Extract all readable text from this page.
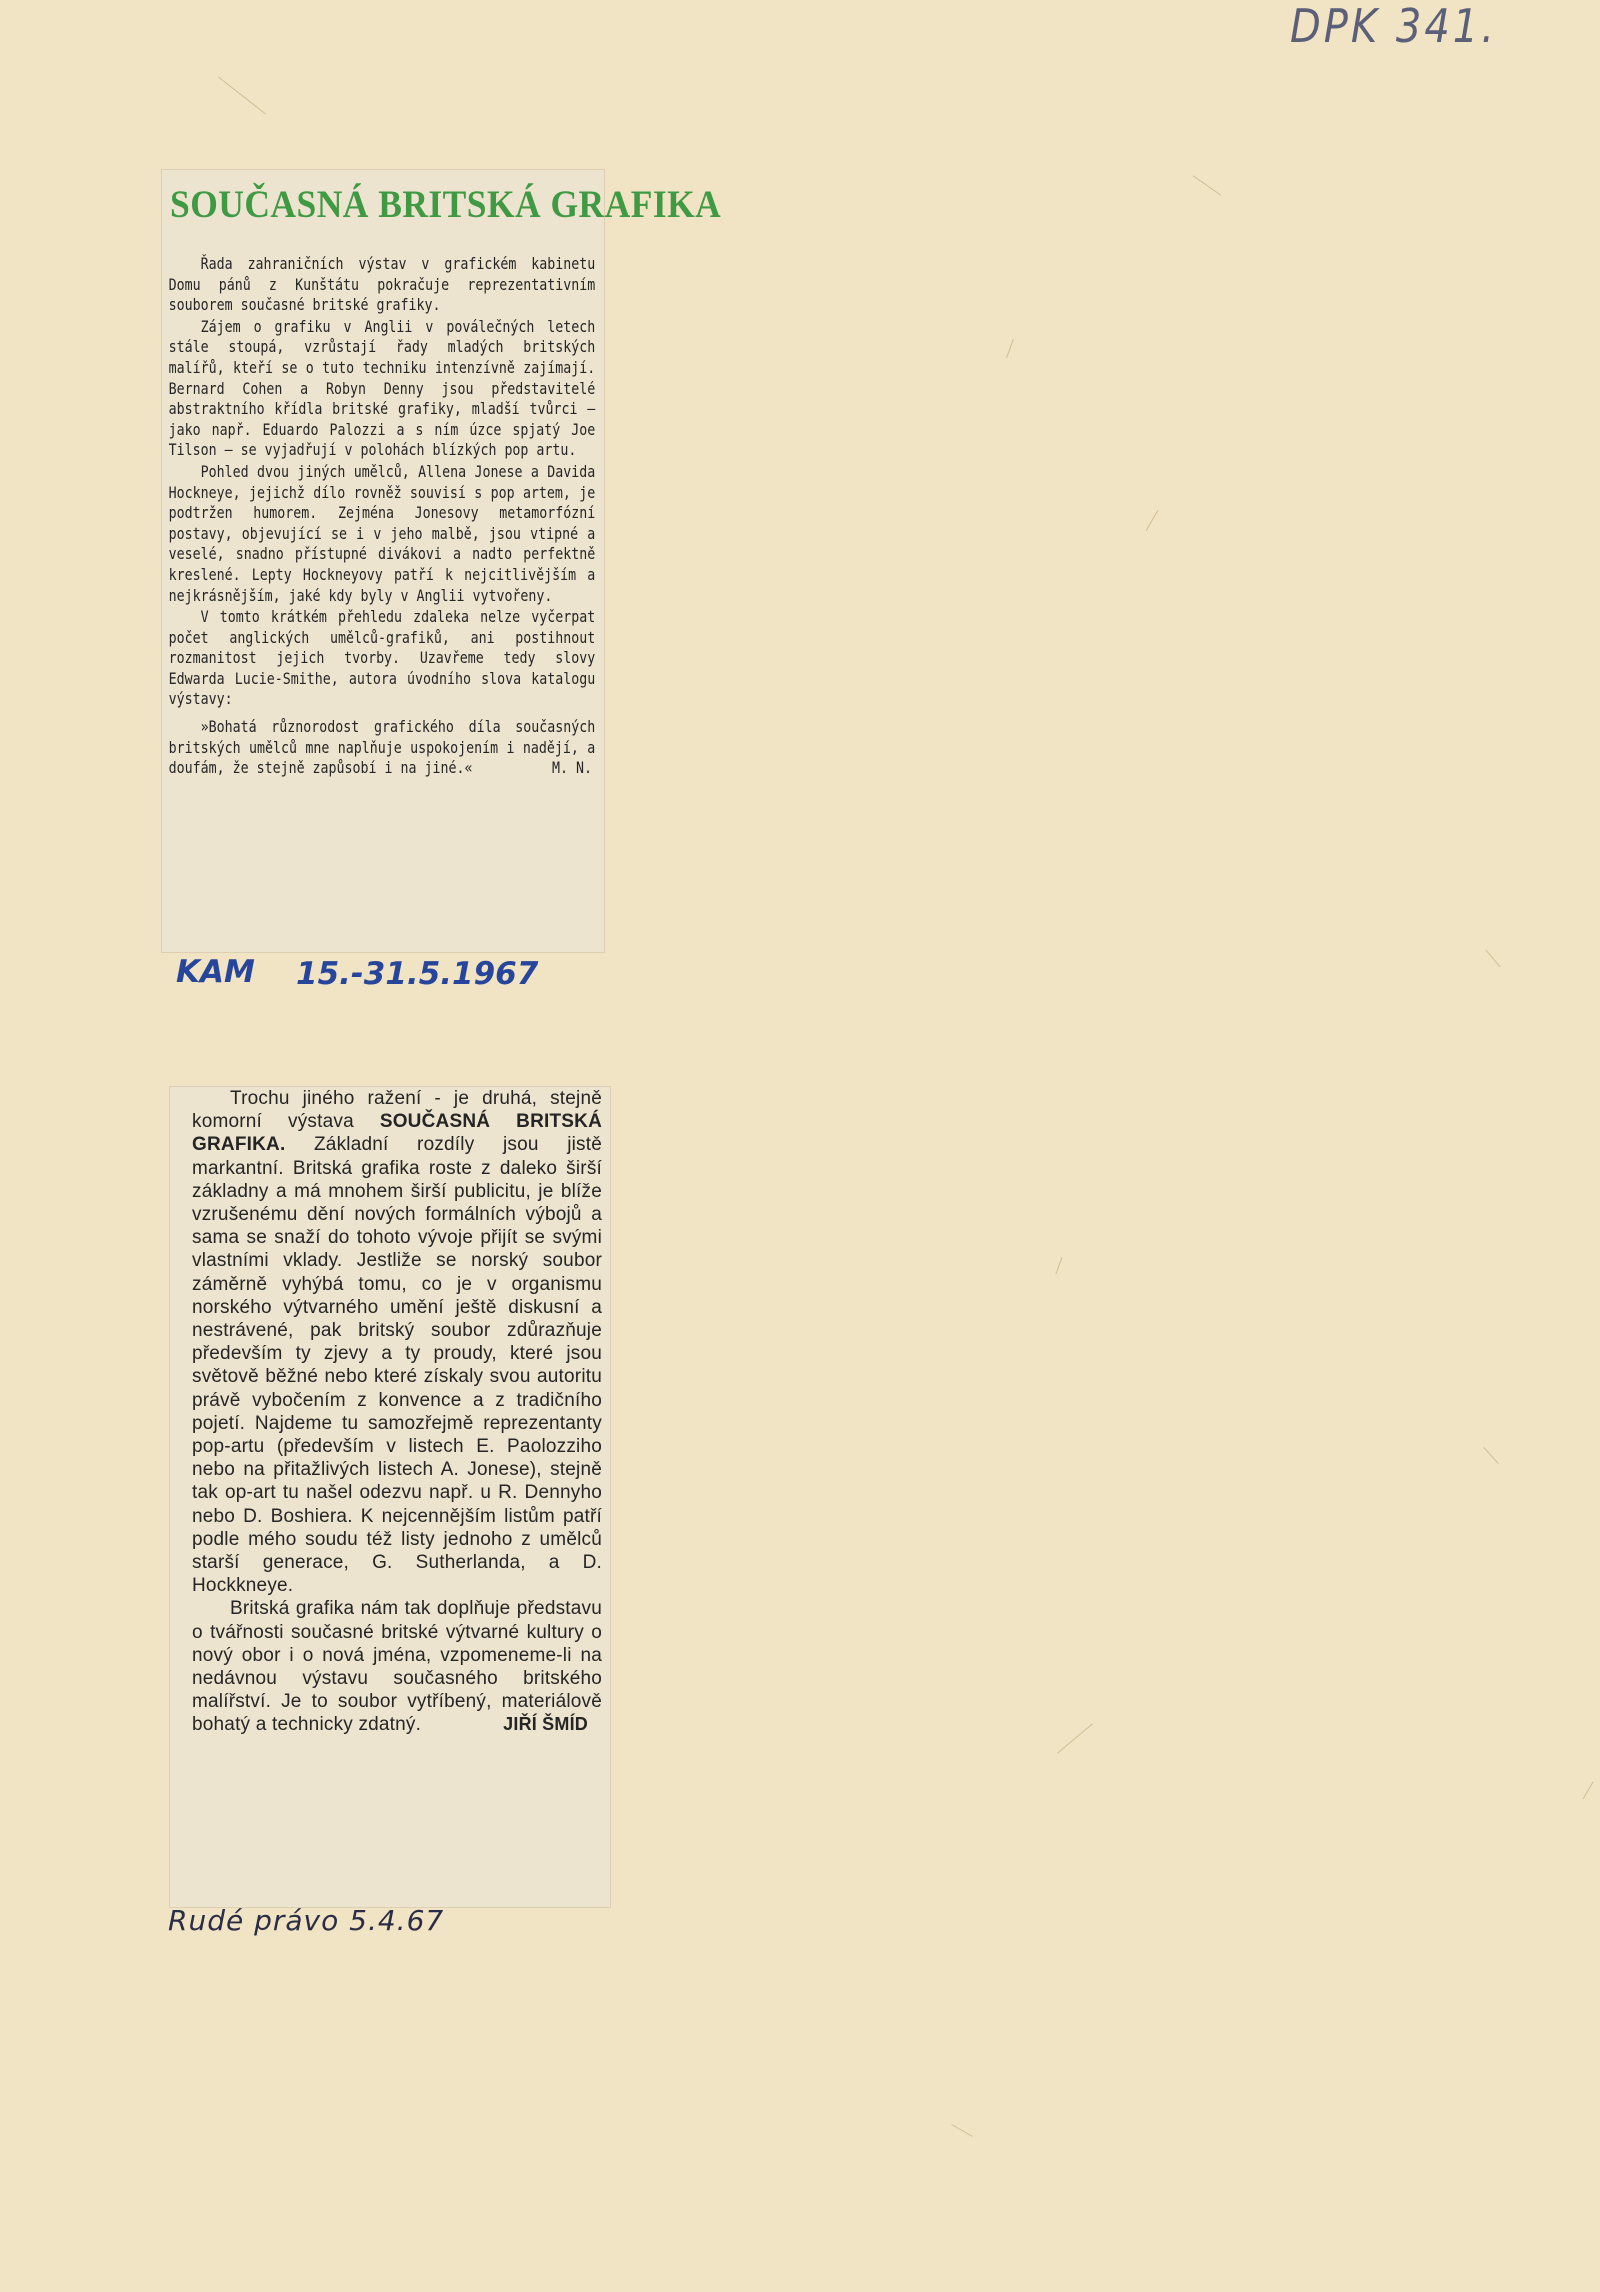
DPK 341.

SOUČASNÁ BRITSKÁ GRAFIKA

Řada zahraničních výstav v grafickém kabinetu Domu pánů z Kunštátu pokračuje reprezentativním souborem současné britské grafiky.

Zájem o grafiku v Anglii v poválečných letech stále stoupá, vzrůstají řady mladých britských malířů, kteří se o tuto techniku intenzívně zajímají. Bernard Cohen a Robyn Denny jsou představitelé abstraktního křídla britské grafiky, mladší tvůrci — jako např. Eduardo Palozzi a s ním úzce spjatý Joe Tilson — se vyjadřují v polohách blízkých pop artu.

Pohled dvou jiných umělců, Allena Jonese a Davida Hockneye, jejichž dílo rovněž souvisí s pop artem, je podtržen humorem. Zejména Jonesovy metamorfózní postavy, objevující se i v jeho malbě, jsou vtipné a veselé, snadno přístupné divákovi a nadto perfektně kreslené. Lepty Hockneyovy patří k nejcitlivějším a nejkrásnějším, jaké kdy byly v Anglii vytvořeny.

V tomto krátkém přehledu zdaleka nelze vyčerpat počet anglických umělců-grafiků, ani postihnout rozmanitost jejich tvorby. Uzavřeme tedy slovy Edwarda Lucie-Smithe, autora úvodního slova katalogu výstavy:

»Bohatá různorodost grafického díla současných britských umělců mne naplňuje uspokojením i nadějí, a doufám, že stejně zapůsobí i na jiné.«	M. N.

KAM 15.-31.5.1967

Trochu jiného ražení - je druhá, stejně komorní výstava SOUČASNÁ BRITSKÁ GRAFIKA. Základní rozdíly jsou jistě markantní. Britská grafika roste z daleko širší základny a má mnohem širší publicitu, je blíže vzrušenému dění nových formálních výbojů a sama se snaží do tohoto vývoje přijít se svými vlastními vklady. Jestliže se norský soubor záměrně vyhýbá tomu, co je v organismu norského výtvarného umění ještě diskusní a nestrávené, pak britský soubor zdůrazňuje především ty zjevy a ty proudy, které jsou světově běžné nebo které získaly svou autoritu právě vybočením z konvence a z tradičního pojetí. Najdeme tu samozřejmě reprezentanty pop-artu (především v listech E. Paolozziho nebo na přitažlivých listech A. Jonese), stejně tak op-art tu našel odezvu např. u R. Dennyho nebo D. Boshiera. K nejcennějším listům patří podle mého soudu též listy jednoho z umělců starší generace, G. Sutherlanda, a D. Hockkneye.

Britská grafika nám tak doplňuje představu o tvářnosti současné britské výtvarné kultury o nový obor i o nová jména, vzpomeneme-li na nedávnou výstavu současného britského malířství. Je to soubor vytříbený, materiálově bohatý a technicky zdatný.	JIŘÍ ŠMÍD

Rudé právo 5.4.67
